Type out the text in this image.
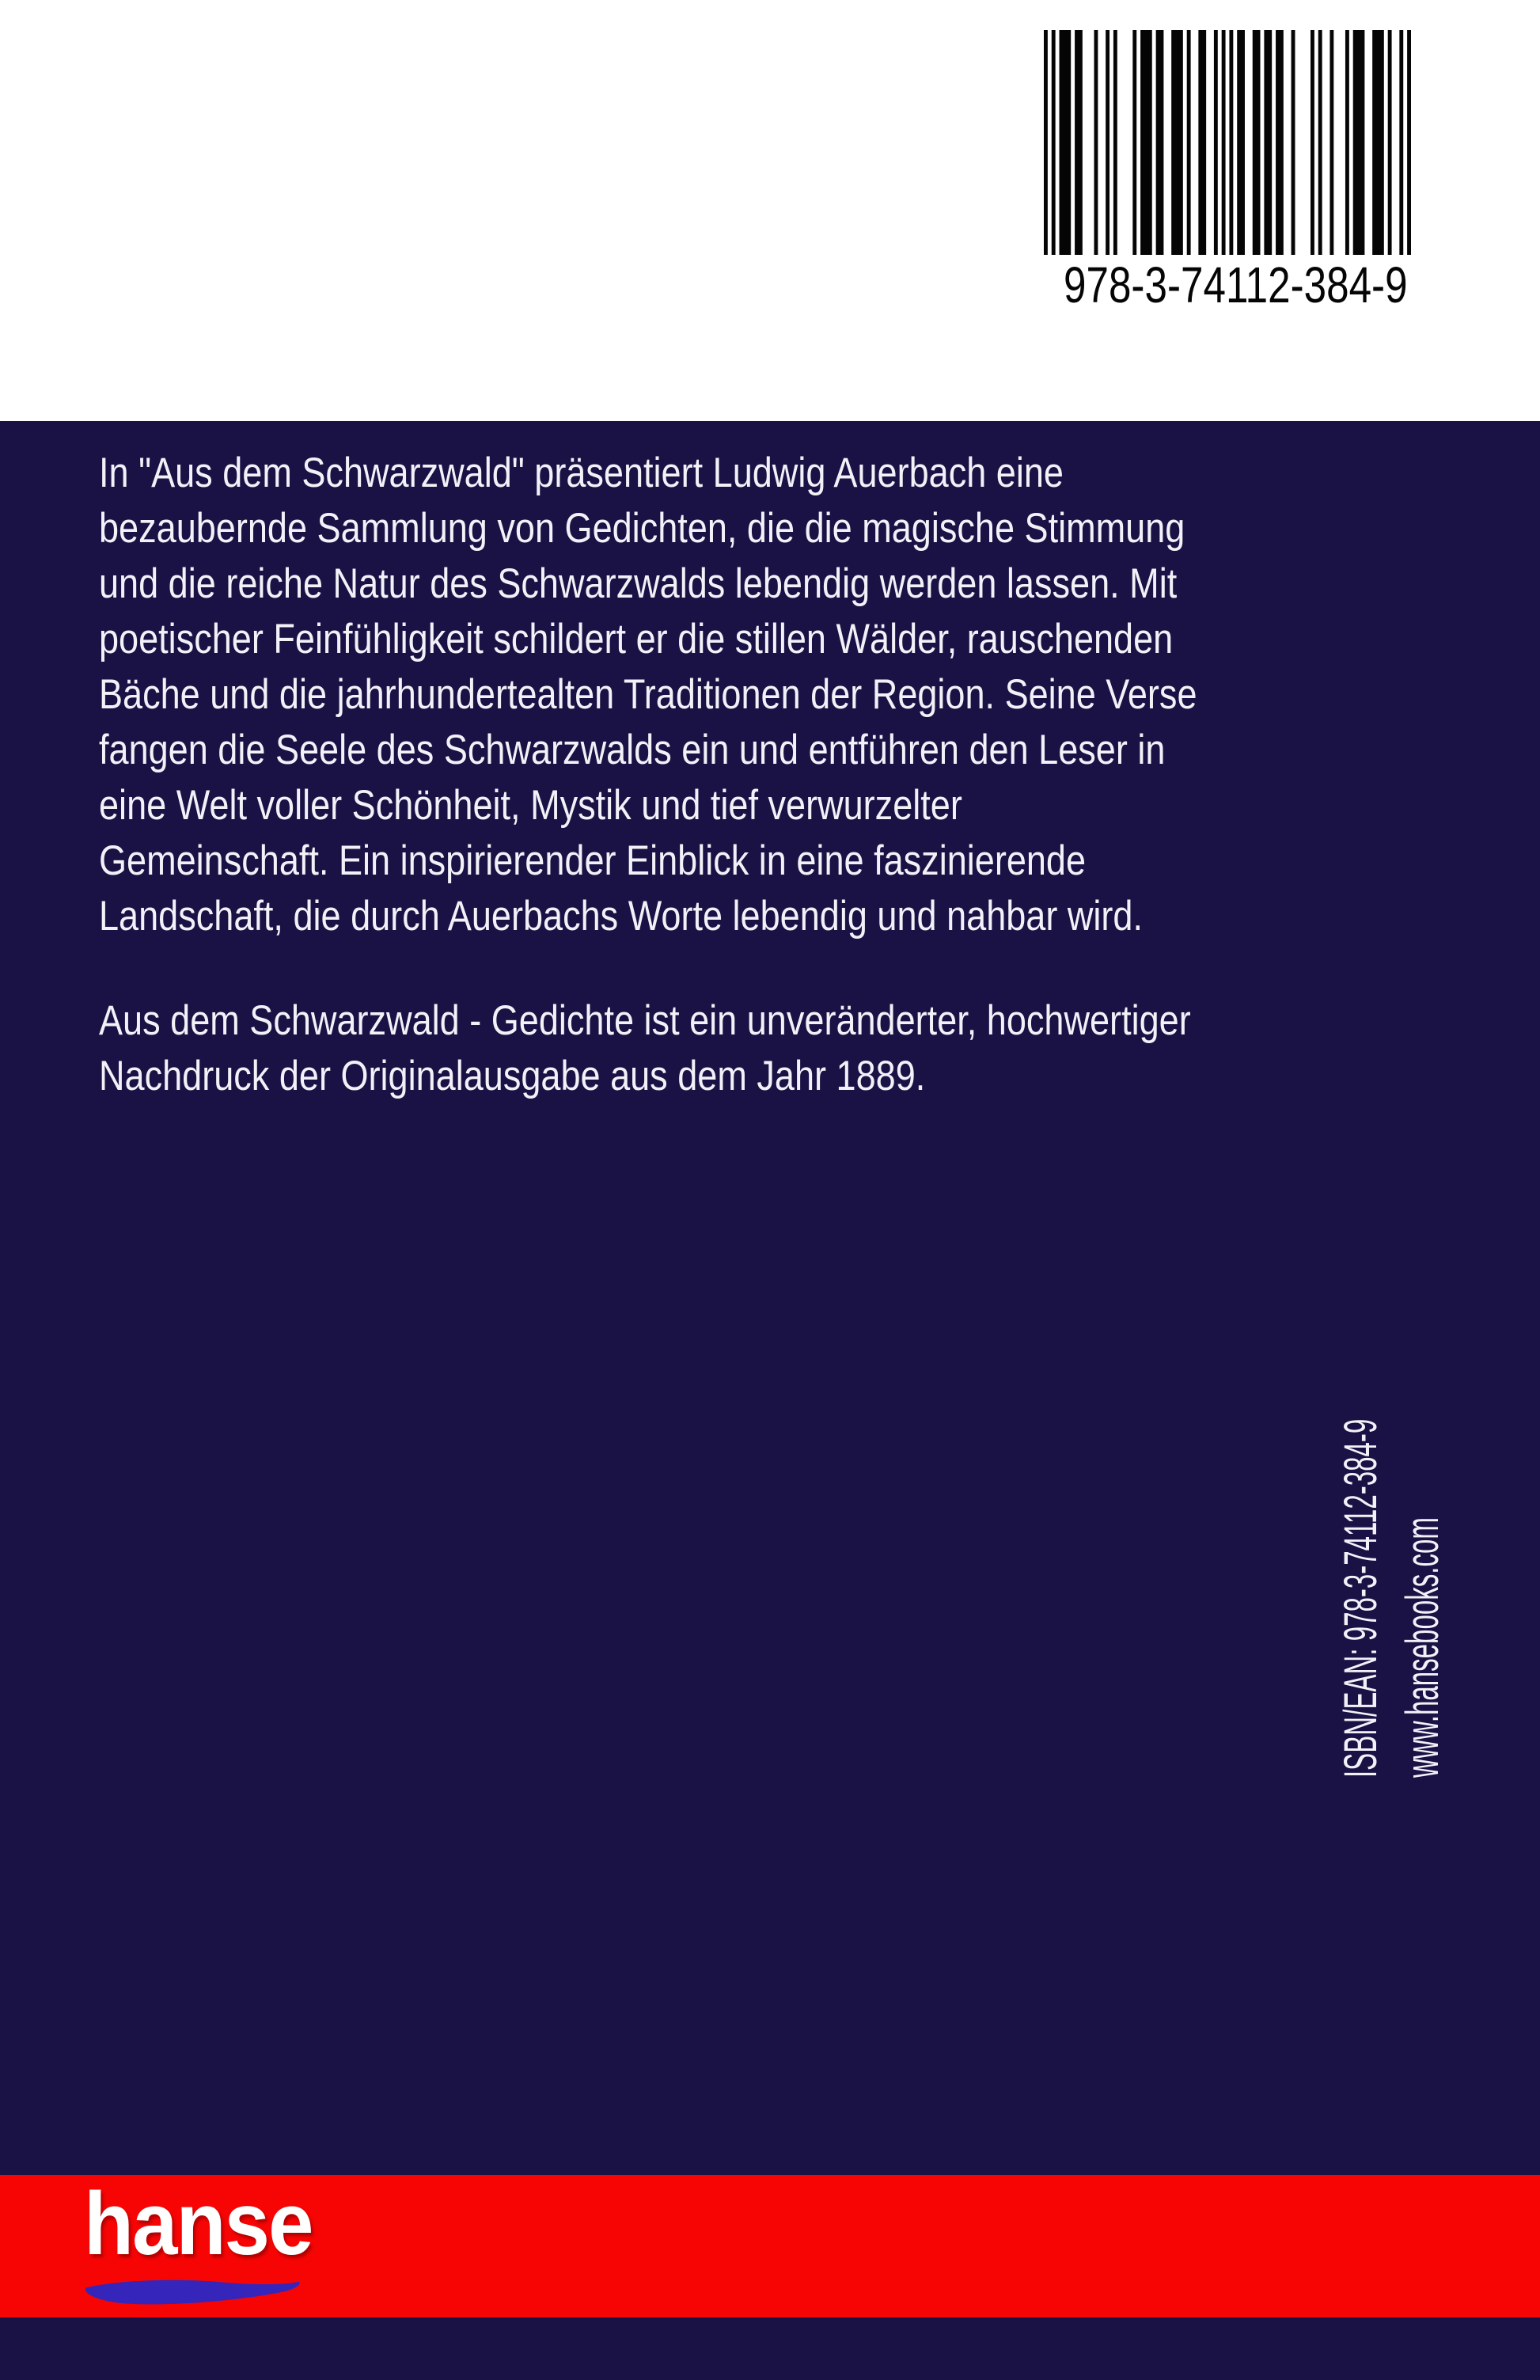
978-3-74112-384-9
In "Aus dem Schwarzwald" präsentiert Ludwig Auerbach eine
bezaubernde Sammlung von Gedichten, die die magische Stimmung
und die reiche Natur des Schwarzwalds lebendig werden lassen. Mit
poetischer Feinfühligkeit schildert er die stillen Wälder, rauschenden
Bäche und die jahrhundertealten Traditionen der Region. Seine Verse
fangen die Seele des Schwarzwalds ein und entführen den Leser in
eine Welt voller Schönheit, Mystik und tief verwurzelter
Gemeinschaft. Ein inspirierender Einblick in eine faszinierende
Landschaft, die durch Auerbachs Worte lebendig und nahbar wird.
Aus dem Schwarzwald - Gedichte ist ein unveränderter, hochwertiger
Nachdruck der Originalausgabe aus dem Jahr 1889.
ISBN/EAN: 978-3-74112-384-9 www.hansebooks.com
hanse
